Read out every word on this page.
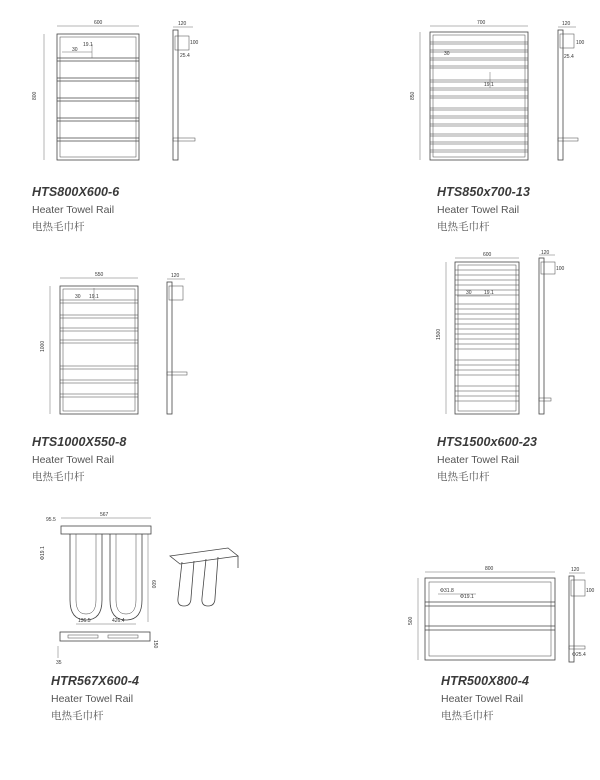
600
800
30
19.1
120
100
25.4
700
850
30
19.1
120
100
25.4
550
1000
30 19.1
120
600
1500
30 19.1
120
100
567
95.5
Φ19.1
600
136.5	426.4
35
150
800
500
Φ31.8
Φ19.1
120
100
Φ25.4
HTS800X600-6
Heater Towel Rail
电热毛巾杆
HTS850x700-13
Heater Towel Rail
电热毛巾杆
HTS1000X550-8
Heater Towel Rail
电热毛巾杆
HTS1500x600-23
Heater Towel Rail
电热毛巾杆
HTR567X600-4
Heater Towel Rail
电热毛巾杆
HTR500X800-4
Heater Towel Rail
电热毛巾杆
